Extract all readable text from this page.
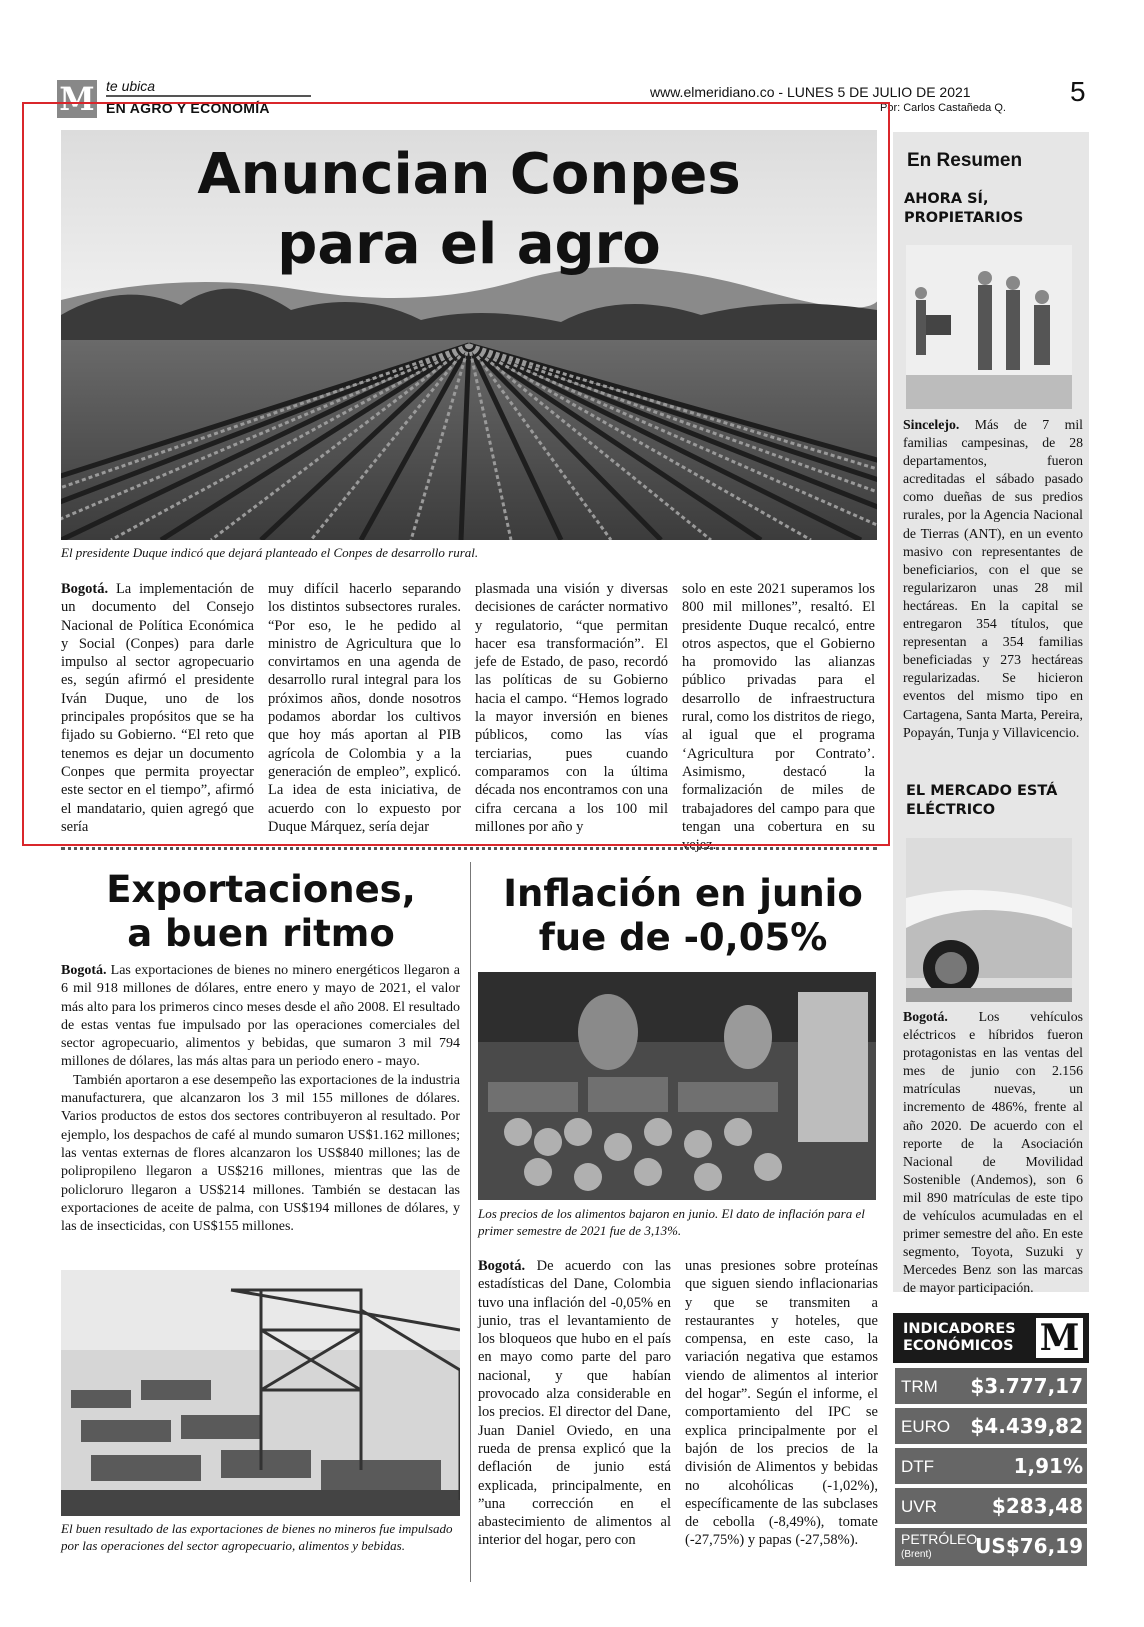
M te ubica
EN AGRO Y ECONOMÍA
www.elmeridiano.co - LUNES 5 DE JULIO DE 2021
Por: Carlos Castañeda Q.
5
Anuncian Conpes
para el agro
El presidente Duque indicó que dejará planteado el Conpes de desarrollo rural.
Bogotá. La implementación de un documento del Consejo Nacional de Política Económica y Social (Conpes) para darle impulso al sector agropecuario es, según afirmó el presidente Iván Duque, uno de los principales propósitos que se ha fijado su Gobierno. “El reto que tenemos es dejar un documento Conpes que permita proyectar este sector en el tiempo”, afirmó el mandatario, quien agregó que sería
muy difícil hacerlo separando los distintos subsectores rurales. “Por eso, le he pedido al ministro de Agricultura que lo convirtamos en una agenda de desarrollo rural integral para los próximos años, donde nosotros podamos abordar los cultivos que hoy más aportan al PIB agrícola de Colombia y a la generación de empleo”, explicó. La idea de esta iniciativa, de acuerdo con lo expuesto por Duque Márquez, sería dejar
plasmada una visión y diversas decisiones de carácter normativo y regulatorio, “que permitan hacer esa transformación”. El jefe de Estado, de paso, recordó las políticas de su Gobierno hacia el campo. “Hemos logrado la mayor inversión en bienes públicos, como las vías terciarias, pues cuando comparamos con la última década nos encontramos con una cifra cercana a los 100 mil millones por año y
solo en este 2021 superamos los 800 mil millones”, resaltó. El presidente Duque recalcó, entre otros aspectos, que el Gobierno ha promovido las alianzas público privadas para el desarrollo de infraestructura rural, como los distritos de riego, al igual que el programa ‘Agricultura por Contrato’. Asimismo, destacó la formalización de miles de trabajadores del campo para que tengan una cobertura en su vejez.
Exportaciones,
a buen ritmo
Bogotá. Las exportaciones de bienes no minero energéticos llegaron a 6 mil 918 millones de dólares, entre enero y mayo de 2021, el valor más alto para los primeros cinco meses desde el año 2008. El resultado de estas ventas fue impulsado por las operaciones comerciales del sector agropecuario, alimentos y bebidas, que sumaron 3 mil 794 millones de dólares, las más altas para un periodo enero - mayo.
También aportaron a ese desempeño las exportaciones de la industria manufacturera, que alcanzaron los 3 mil 155 millones de dólares. Varios productos de estos dos sectores contribuyeron al resultado. Por ejemplo, los despachos de café al mundo sumaron US$1.162 millones; las ventas externas de flores alcanzaron los US$840 millones; las de polipropileno llegaron a US$216 millones, mientras que las de policloruro llegaron a US$214 millones. También se destacan las exportaciones de aceite de palma, con US$194 millones de dólares, y las de insecticidas, con US$155 millones.
El buen resultado de las exportaciones de bienes no mineros fue impulsado por las operaciones del sector agropecuario, alimentos y bebidas.
Inflación en junio
fue de -0,05%
Los precios de los alimentos bajaron en junio. El dato de inflación para el primer semestre de 2021 fue de 3,13%.
Bogotá. De acuerdo con las estadísticas del Dane, Colombia tuvo una inflación del -0,05% en junio, tras el levantamiento de los bloqueos que hubo en el país en mayo como parte del paro nacional, y que habían provocado alza considerable en los precios. El director del Dane, Juan Daniel Oviedo, en una rueda de prensa explicó que la deflación de junio está explicada, principalmente, en ”una corrección en el abastecimiento de alimentos al interior del hogar, pero con
unas presiones sobre proteínas que siguen siendo inflacionarias y que se transmiten a restaurantes y hoteles, que compensa, en este caso, la variación negativa que estamos viendo de alimentos al interior del hogar”. Según el informe, el comportamiento del IPC se explica principalmente por el bajón de los precios de la división de Alimentos y bebidas no alcohólicas (-1,02%), específicamente de las subclases de cebolla (-8,49%), tomate (-27,75%) y papas (-27,58%).
En Resumen
AHORA SÍ, PROPIETARIOS
Sincelejo. Más de 7 mil familias campesinas, de 28 departamentos, fueron acreditadas el sábado pasado como dueñas de sus predios rurales, por la Agencia Nacional de Tierras (ANT), en un evento masivo con representantes de beneficiarios, con el que se regularizaron unas 28 mil hectáreas. En la capital se entregaron 354 títulos, que representan a 354 familias beneficiadas y 273 hectáreas regularizadas. Se hicieron eventos del mismo tipo en Cartagena, Santa Marta, Pereira, Popayán, Tunja y Villavicencio.
EL MERCADO ESTÁ ELÉCTRICO
Bogotá. Los vehículos eléctricos e híbridos fueron protagonistas en las ventas del mes de junio con 2.156 matrículas nuevas, un incremento de 486%, frente al año 2020. De acuerdo con el reporte de la Asociación Nacional de Movilidad Sostenible (Andemos), son 6 mil 890 matrículas de este tipo de vehículos acumuladas en el primer semestre del año. En este segmento, Toyota, Suzuki y Mercedes Benz son las marcas de mayor participación.
INDICADORES
ECONÓMICOS M
TRM $3.777,17
EURO $4.439,82
DTF	1,91%
UVR	$283,48
PETRÓLEO
(Brent) US$76,19
